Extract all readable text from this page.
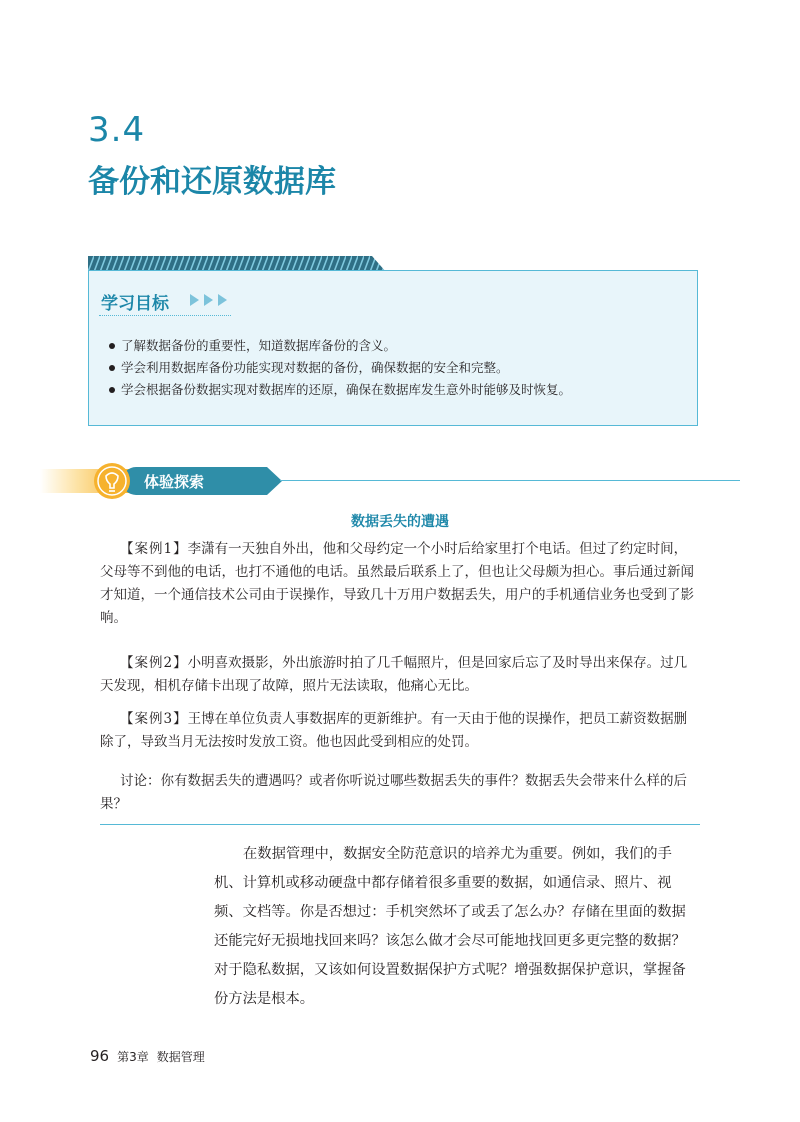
3.4
备份和还原数据库
学习目标
了解数据备份的重要性，知道数据库备份的含义。
学会利用数据库备份功能实现对数据的备份，确保数据的安全和完整。
学会根据备份数据实现对数据库的还原，确保在数据库发生意外时能够及时恢复。
体验探索
数据丢失的遭遇

【案例1】李潇有一天独自外出，他和父母约定一个小时后给家里打个电话。但过了约定时间，父母等不到他的电话，也打不通他的电话。虽然最后联系上了，但也让父母颇为担心。事后通过新闻才知道，一个通信技术公司由于误操作，导致几十万用户数据丢失，用户的手机通信业务也受到了影响。

【案例2】小明喜欢摄影，外出旅游时拍了几千幅照片，但是回家后忘了及时导出来保存。过几天发现，相机存储卡出现了故障，照片无法读取，他痛心无比。

【案例3】王博在单位负责人事数据库的更新维护。有一天由于他的误操作，把员工薪资数据删除了，导致当月无法按时发放工资。他也因此受到相应的处罚。

讨论：你有数据丢失的遭遇吗？或者你听说过哪些数据丢失的事件？数据丢失会带来什么样的后果？

在数据管理中，数据安全防范意识的培养尤为重要。例如，我们的手机、计算机或移动硬盘中都存储着很多重要的数据，如通信录、照片、视频、文档等。你是否想过：手机突然坏了或丢了怎么办？存储在里面的数据还能完好无损地找回来吗？该怎么做才会尽可能地找回更多更完整的数据？对于隐私数据，又该如何设置数据保护方式呢？增强数据保护意识，掌握备份方法是根本。

96 第3章 数据管理
